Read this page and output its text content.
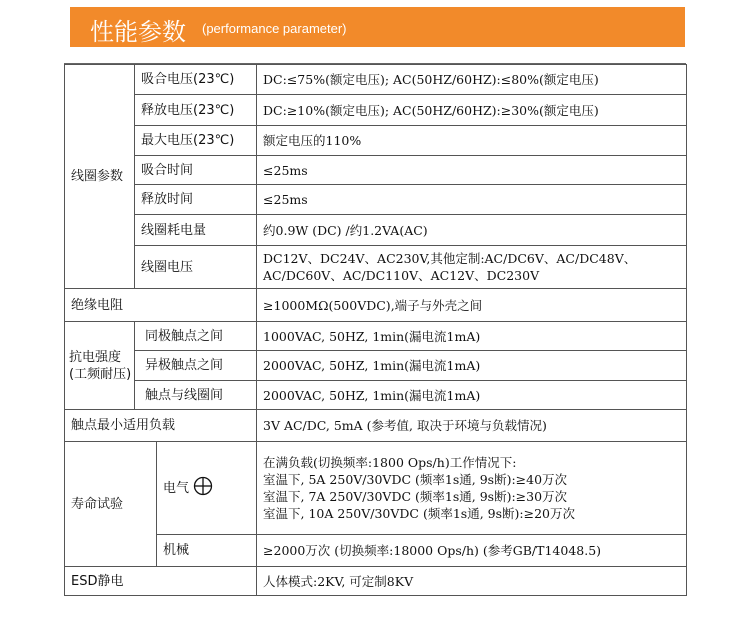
性能参数 (performance parameter)
线圈参数	吸合电压(23℃)		DC:≤75%(额定电压); AC(50HZ/60HZ):≤80%(额定电压)
	释放电压(23℃)		DC:≥10%(额定电压); AC(50HZ/60HZ):≥30%(额定电压)
	最大电压(23℃)		额定电压的110%
	吸合时间		≤25ms
	释放时间		≤25ms
	线圈耗电量		约0.9W (DC) /约1.2VA(AC)
	线圈电压		DC12V、DC24V、AC230V,其他定制:AC/DC6V、AC/DC48V、
AC/DC60V、AC/DC110V、AC12V、DC230V

绝缘电阻			≥1000MΩ(500VDC),端子与外壳之间

抗电强度
(工频耐压)	同极触点之间		1000VAC, 50HZ, 1min(漏电流1mA)
	异极触点之间		2000VAC, 50HZ, 1min(漏电流1mA)
	触点与线圈间		2000VAC, 50HZ, 1min(漏电流1mA)
触点最小适用负载			3V AC/DC, 5mA (参考值, 取决于环境与负载情况)
寿命试验		电气	在满负载(切换频率:1800 Ops/h)工作情况下:
室温下, 5A 250V/30VDC (频率1s通, 9s断):≥40万次
室温下, 7A 250V/30VDC (频率1s通, 9s断):≥30万次
室温下, 10A 250V/30VDC (频率1s通, 9s断):≥20万次

		机械	≥2000万次 (切换频率:18000 Ops/h) (参考GB/T14048.5)
ESD静电			人体模式:2KV, 可定制8KV
